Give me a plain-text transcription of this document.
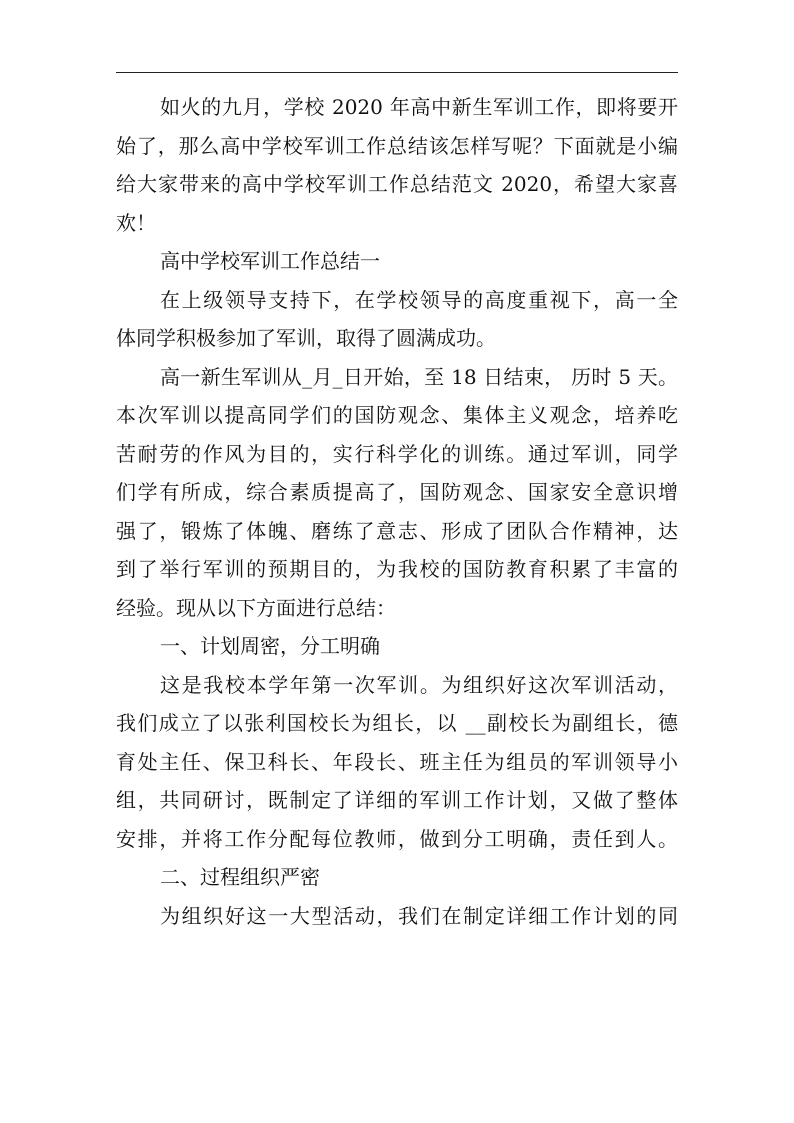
如火的九月，学校 2020 年高中新生军训工作，即将要开
始了，那么高中学校军训工作总结该怎样写呢？下面就是小编
给大家带来的高中学校军训工作总结范文 2020，希望大家喜
欢！
高中学校军训工作总结一
在上级领导支持下，在学校领导的高度重视下，高一全
体同学积极参加了军训，取得了圆满成功。
高一新生军训从_月_日开始，至 18 日结束， 历时 5 天。
本次军训以提高同学们的国防观念、集体主义观念，培养吃
苦耐劳的作风为目的，实行科学化的训练。通过军训，同学
们学有所成，综合素质提高了，国防观念、国家安全意识增
强了，锻炼了体魄、磨练了意志、形成了团队合作精神，达
到了举行军训的预期目的，为我校的国防教育积累了丰富的
经验。现从以下方面进行总结：
一、计划周密，分工明确
这是我校本学年第一次军训。为组织好这次军训活动，
我们成立了以张利国校长为组长，以 __副校长为副组长，德
育处主任、保卫科长、年段长、班主任为组员的军训领导小
组，共同研讨，既制定了详细的军训工作计划，又做了整体
安排，并将工作分配每位教师，做到分工明确，责任到人。
二、过程组织严密
为组织好这一大型活动，我们在制定详细工作计划的同
